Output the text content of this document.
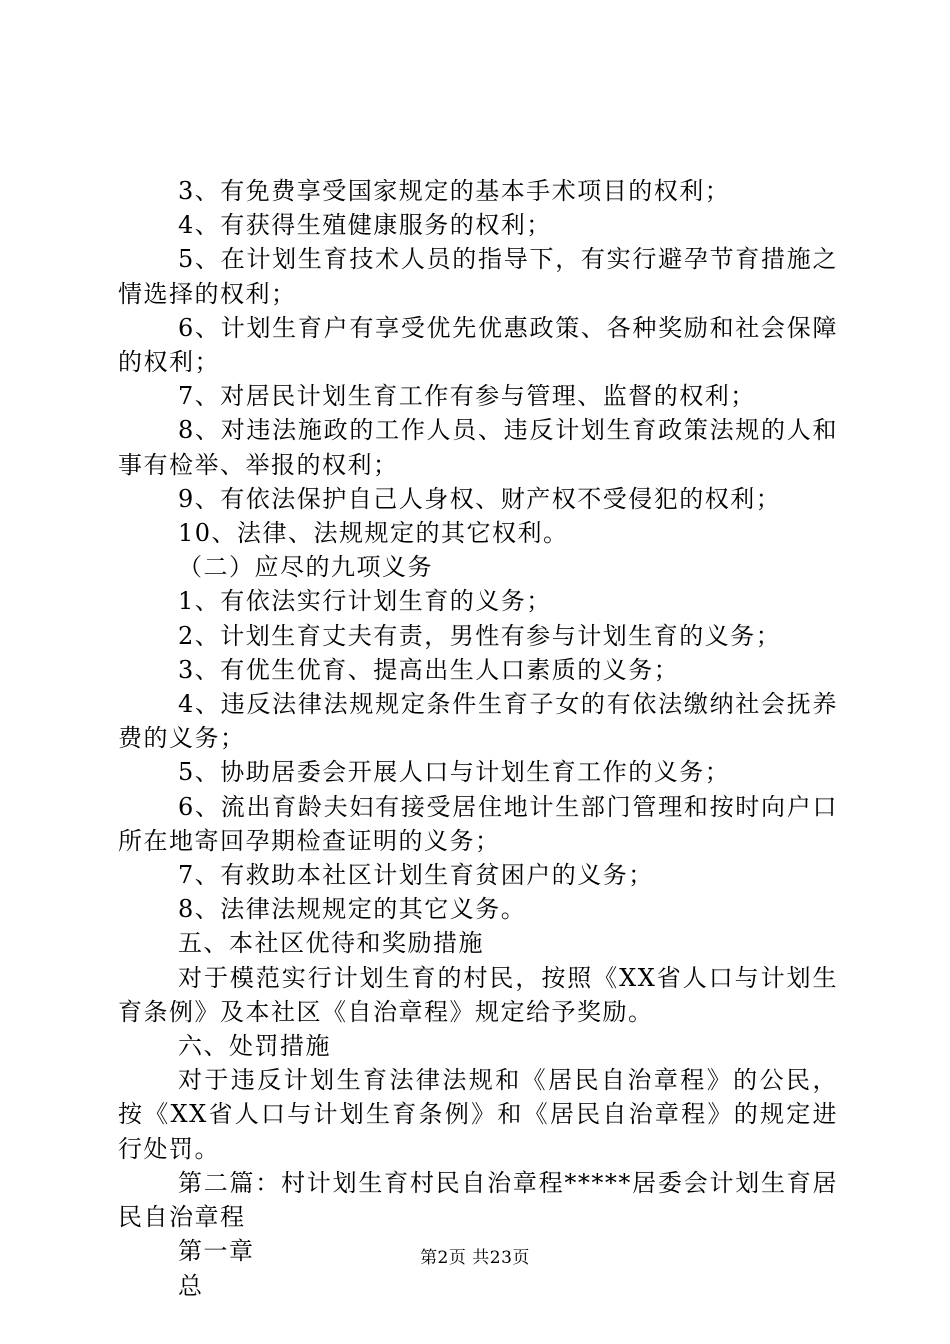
3、有免费享受国家规定的基本手术项目的权利；

4、有获得生殖健康服务的权利；

5、在计划生育技术人员的指导下，有实行避孕节育措施之情选择的权利；

6、计划生育户有享受优先优惠政策、各种奖励和社会保障的权利；

7、对居民计划生育工作有参与管理、监督的权利；

8、对违法施政的工作人员、违反计划生育政策法规的人和事有检举、举报的权利；

9、有依法保护自己人身权、财产权不受侵犯的权利；

10、法律、法规规定的其它权利。

（二）应尽的九项义务

1、有依法实行计划生育的义务；

2、计划生育丈夫有责，男性有参与计划生育的义务；

3、有优生优育、提高出生人口素质的义务；

4、违反法律法规规定条件生育子女的有依法缴纳社会抚养费的义务；

5、协助居委会开展人口与计划生育工作的义务；

6、流出育龄夫妇有接受居住地计生部门管理和按时向户口所在地寄回孕期检查证明的义务；

7、有救助本社区计划生育贫困户的义务；

8、法律法规规定的其它义务。

五、本社区优待和奖励措施

对于模范实行计划生育的村民，按照《XX省人口与计划生育条例》及本社区《自治章程》规定给予奖励。

六、处罚措施

对于违反计划生育法律法规和《居民自治章程》的公民，按《XX省人口与计划生育条例》和《居民自治章程》的规定进行处罚。

第二篇：村计划生育村民自治章程*****居委会计划生育居民自治章程

第一章

总

第2页 共23页
